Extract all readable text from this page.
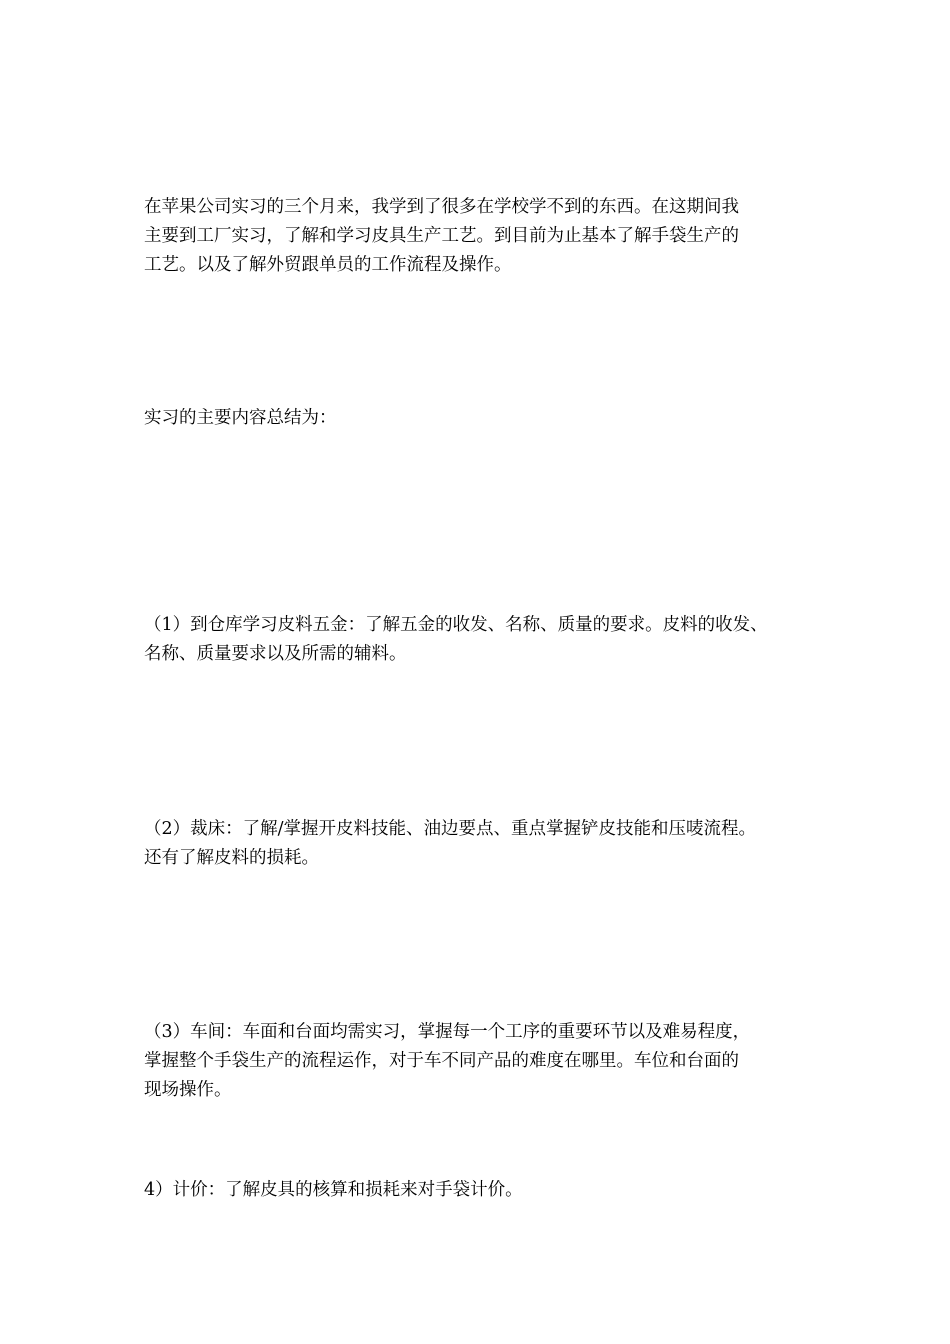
在苹果公司实习的三个月来，我学到了很多在学校学不到的东西。在这期间我
主要到工厂实习，了解和学习皮具生产工艺。到目前为止基本了解手袋生产的
工艺。以及了解外贸跟单员的工作流程及操作。

实习的主要内容总结为：

（1）到仓库学习皮料五金：了解五金的收发、名称、质量的要求。皮料的收发、
名称、质量要求以及所需的辅料。

（2）裁床：了解/掌握开皮料技能、油边要点、重点掌握铲皮技能和压唛流程。
还有了解皮料的损耗。

（3）车间：车面和台面均需实习，掌握每一个工序的重要环节以及难易程度，
掌握整个手袋生产的流程运作，对于车不同产品的难度在哪里。车位和台面的
现场操作。

4）计价：了解皮具的核算和损耗来对手袋计价。
